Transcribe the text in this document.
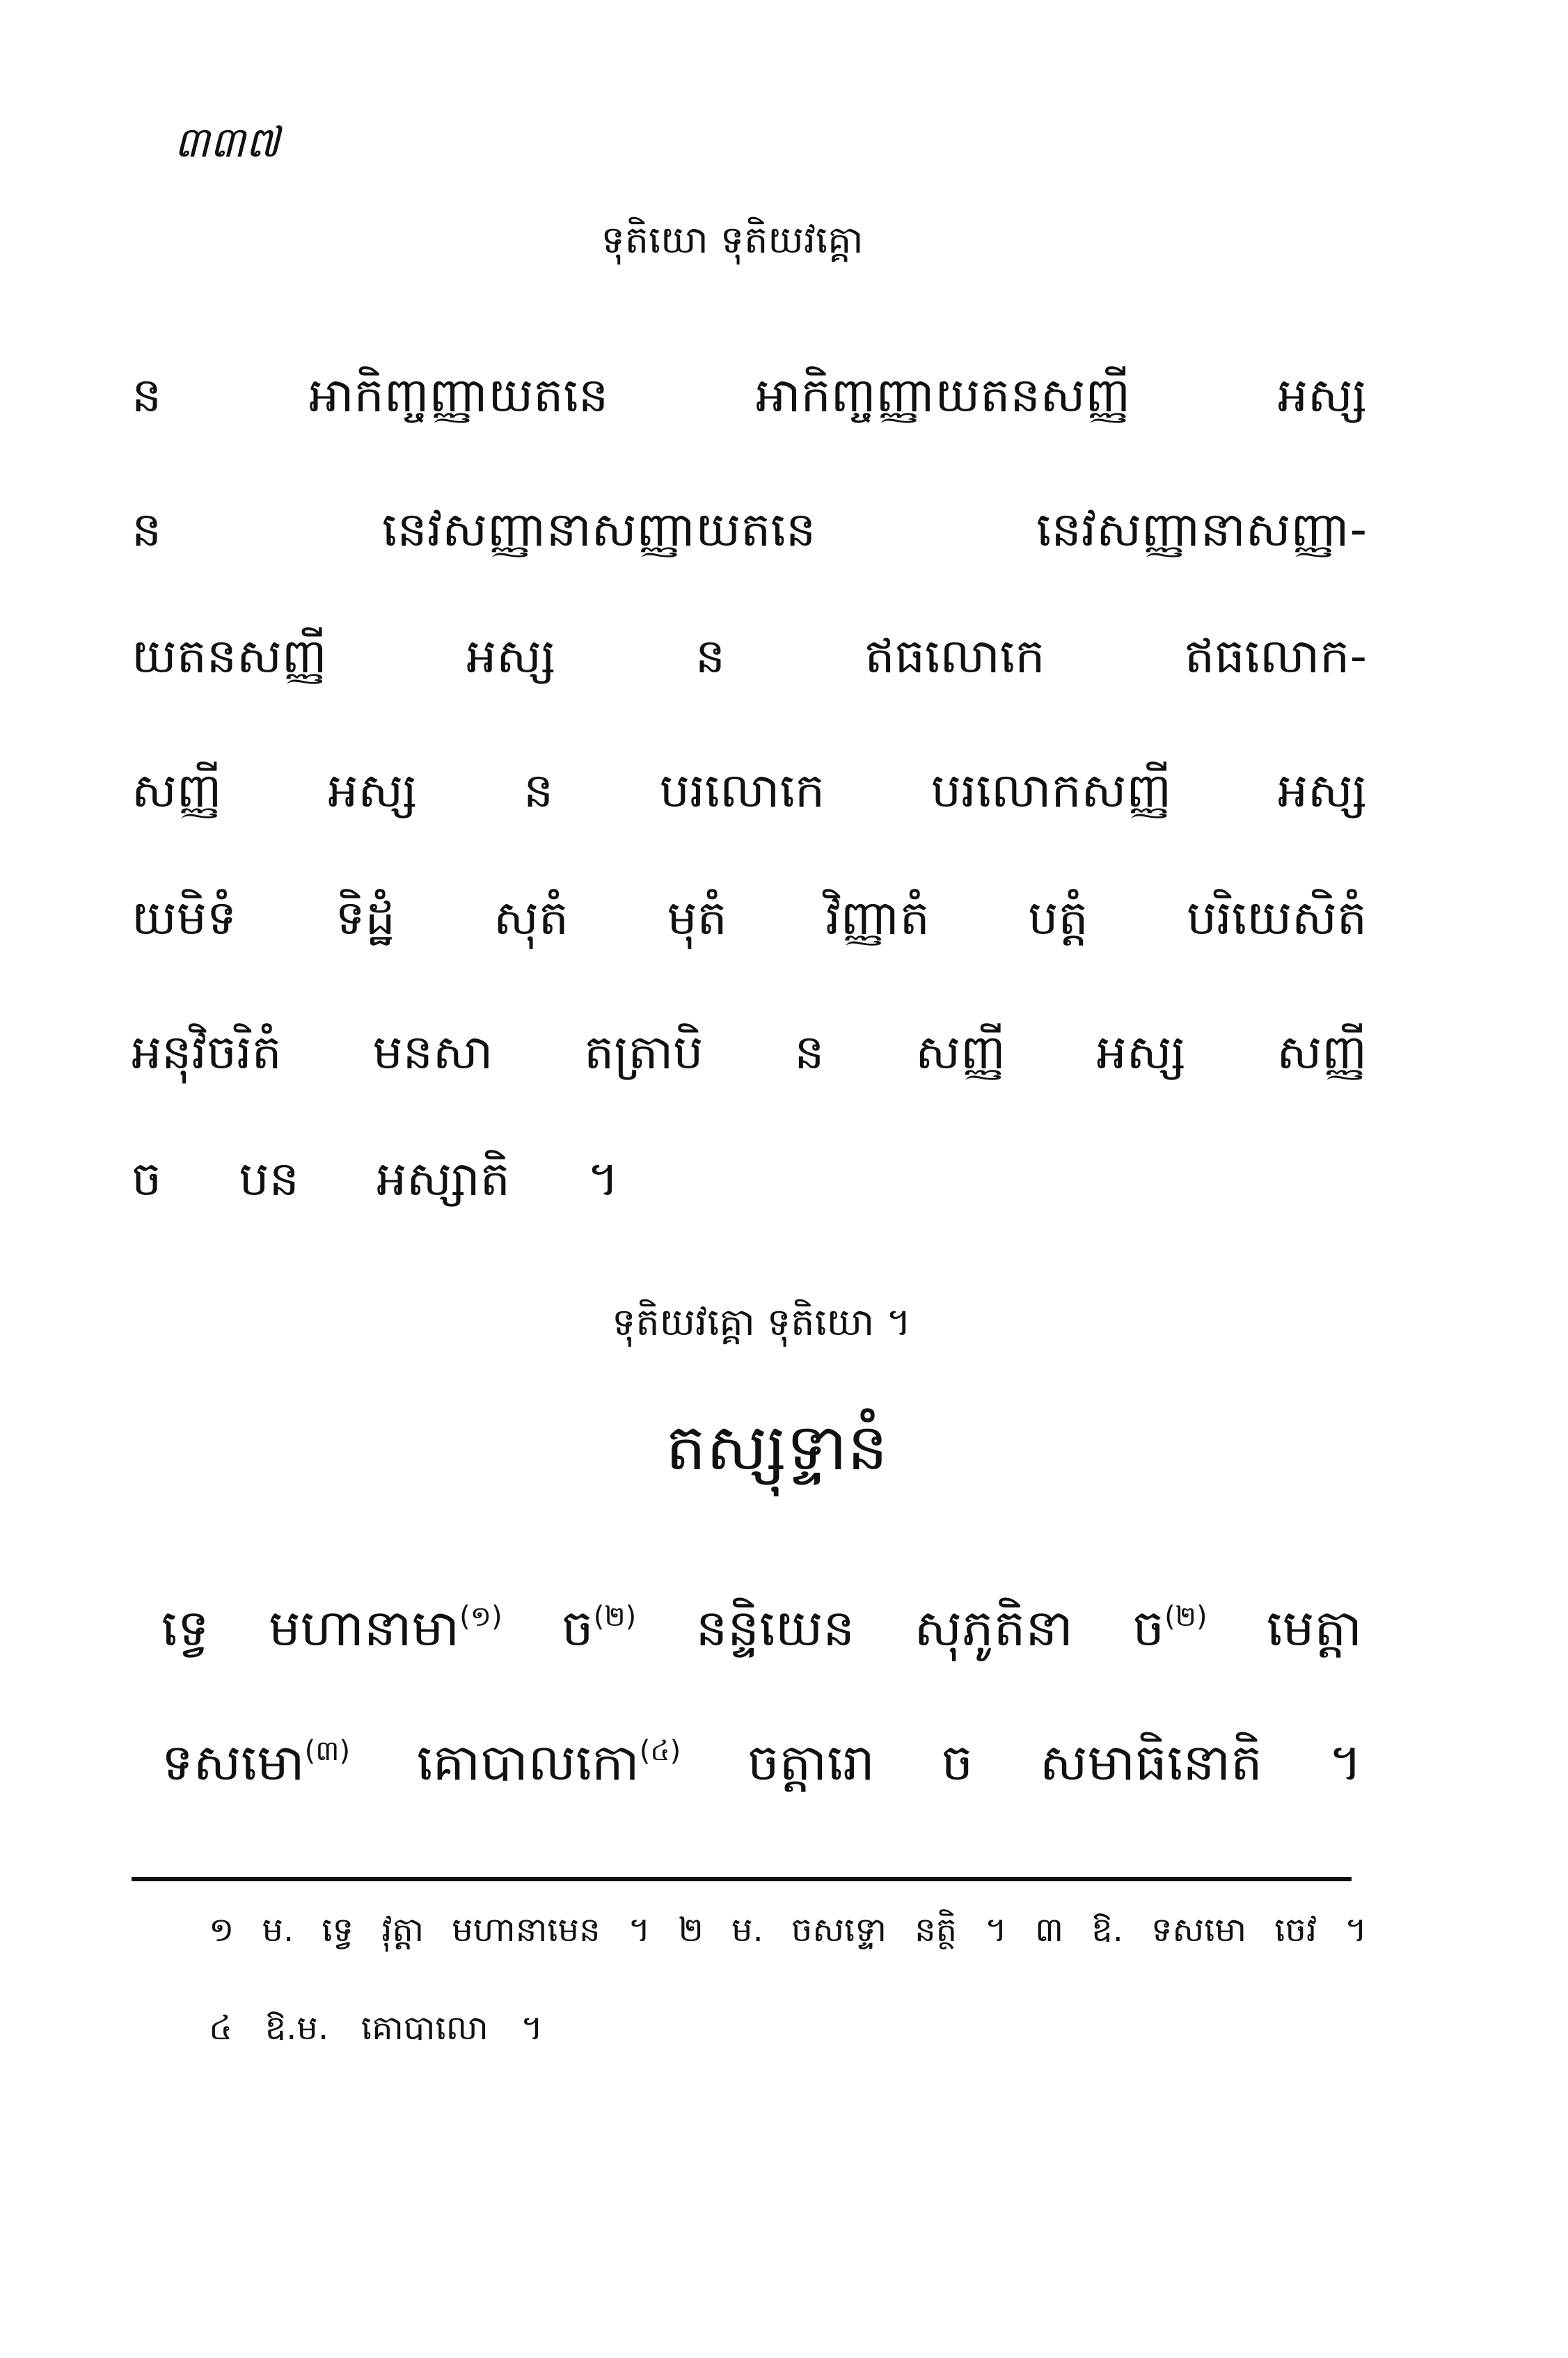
៣៣៧
ទុតិយោ ទុតិយវគ្គោ
ន អាកិញ្ចញ្ញាយតនេ អាកិញ្ចញ្ញាយតនសញ្ញី អស្ស
ន នេវសញ្ញានាសញ្ញាយតនេ នេវសញ្ញានាសញ្ញា-
យតនសញ្ញី អស្ស ន ឥធលោកេ ឥធលោក-
សញ្ញី អស្ស ន បរលោកេ បរលោកសញ្ញី អស្ស
យមិទំ ទិដ្ឋំ សុតំ មុតំ វិញ្ញាតំ បត្តំ បរិយេសិតំ
អនុវិចរិតំ មនសា តត្រាបិ ន សញ្ញី អស្ស សញ្ញី
ច បន អស្សាតិ ។
ទុតិយវគ្គោ ទុតិយោ ។
តស្សុទ្ទានំ
ទ្វេ មហានាមា$^{(១)}$ ច$^{(២)}$ នន្ទិយេន សុភូតិនា ច$^{(២)}$ មេត្តា
ទសមោ$^{(៣)}$ គោបាលកោ$^{(៤)}$ ចត្តារោ ច សមាធិនោតិ ។
១ ម. ទ្វេ វុត្តា មហានាមេន ។ ២ ម. ចសទ្ទោ នត្ថិ ។ ៣ ឱ. ទសមោ ចេវ ។
៤ ឱ.ម. គោបាលោ ។
